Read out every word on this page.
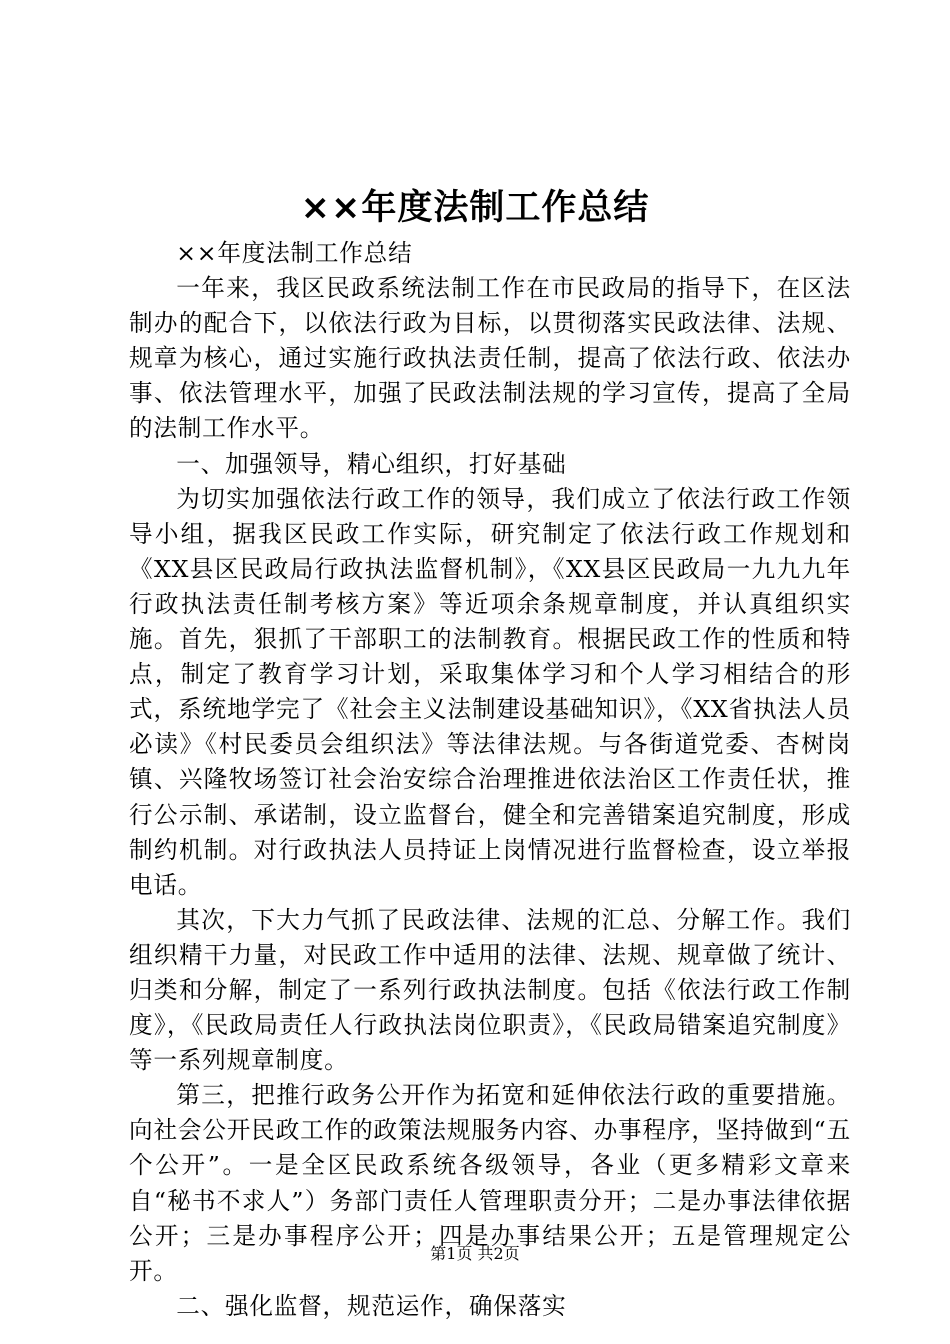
××年度法制工作总结

××年度法制工作总结

一年来，我区民政系统法制工作在市民政局的指导下，在区法制办的配合下，以依法行政为目标，以贯彻落实民政法律、法规、规章为核心，通过实施行政执法责任制，提高了依法行政、依法办事、依法管理水平，加强了民政法制法规的学习宣传，提高了全局的法制工作水平。

一、加强领导，精心组织，打好基础

为切实加强依法行政工作的领导，我们成立了依法行政工作领导小组，据我区民政工作实际，研究制定了依法行政工作规划和《XX县区民政局行政执法监督机制》，《XX县区民政局一九九九年行政执法责任制考核方案》等近项余条规章制度，并认真组织实施。首先，狠抓了干部职工的法制教育。根据民政工作的性质和特点，制定了教育学习计划，采取集体学习和个人学习相结合的形式，系统地学完了《社会主义法制建设基础知识》，《XX省执法人员必读》《村民委员会组织法》等法律法规。与各街道党委、杏树岗镇、兴隆牧场签订社会治安综合治理推进依法治区工作责任状，推行公示制、承诺制，设立监督台，健全和完善错案追究制度，形成制约机制。对行政执法人员持证上岗情况进行监督检查，设立举报电话。

其次，下大力气抓了民政法律、法规的汇总、分解工作。我们组织精干力量，对民政工作中适用的法律、法规、规章做了统计、归类和分解，制定了一系列行政执法制度。包括《依法行政工作制度》，《民政局责任人行政执法岗位职责》，《民政局错案追究制度》等一系列规章制度。

第三，把推行政务公开作为拓宽和延伸依法行政的重要措施。向社会公开民政工作的政策法规服务内容、办事程序，坚持做到“五个公开”。一是全区民政系统各级领导，各业（更多精彩文章来自“秘书不求人”）务部门责任人管理职责分开；二是办事法律依据公开；三是办事程序公开；四是办事结果公开；五是管理规定公开。

二、强化监督，规范运作，确保落实

第1页 共2页
